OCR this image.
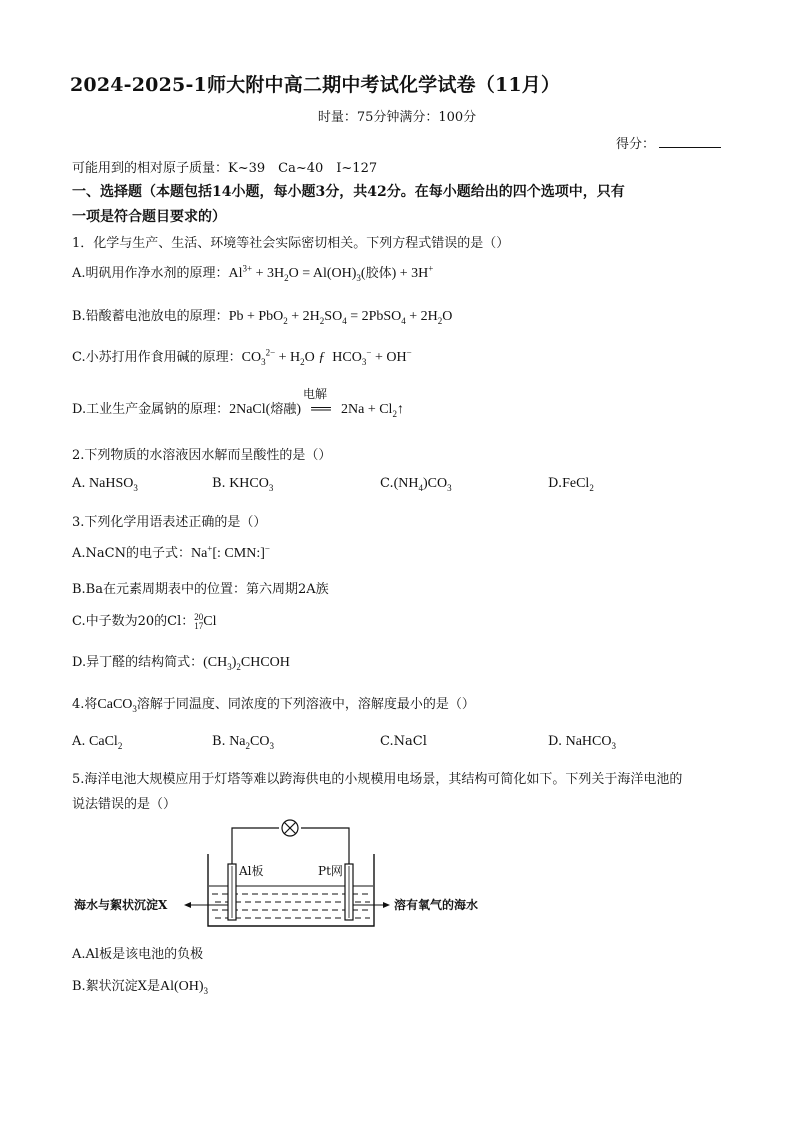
2024-2025-1师大附中高二期中考试化学试卷（11月）
时量：75分钟满分：100分
得分：
可能用到的相对原子质量：K~39　Ca~40　I~127
一、选择题（本题包括14小题，每小题3分，共42分。在每小题给出的四个选项中，只有
一项是符合题目要求的）
1．化学与生产、生活、环境等社会实际密切相关。下列方程式错误的是（）
A.明矾用作净水剂的原理：$Al^{3+} + 3H_2O = Al(OH)_3$(胶体) + 3H+
B.铅酸蓄电池放电的原理：$Pb + PbO_2 + 2H_2SO_4$ = 2PbSO$_4$ + $2H_2O$
C.小苏打用作食用碱的原理：$CO_3^{2-} + H_2O$ ƒ  $HCO_3^- + OH^-$
D.工业生产金属钠的原理：2NaCl(熔融)
电解
══ $2Na + Cl_2↑$
2.下列物质的水溶液因水解而呈酸性的是（）
A. NaHSO$_3$	B. $KHCO_3$	$C.(NH_4)CO_3$	D.FeCl$_2$
3.下列化学用语表述正确的是（）
A.NaCN的电子式：Na+[: CMN:]−
B.Ba在元素周期表中的位置：第六周期2A族
C.中子数为20的Cl：20
17Cl
D.异丁醛的结构简式：$(CH_3)_2CHCOH$
4.将CaCO$_3$溶解于同温度、同浓度的下列溶液中，溶解度最小的是（）
A. CaCl$_2$	B. $Na_2CO_3$	C.NaCl	D. NaHCO$_3$
5.海洋电池大规模应用于灯塔等难以跨海供电的小规模用电场景，其结构可简化如下。下列关于海洋电池的
说法错误的是（）
Al板	Pt网
海水与絮状沉淀X	溶有氧气的海水
A.Al板是该电池的负极
B.絮状沉淀X是$Al(OH)_3$
